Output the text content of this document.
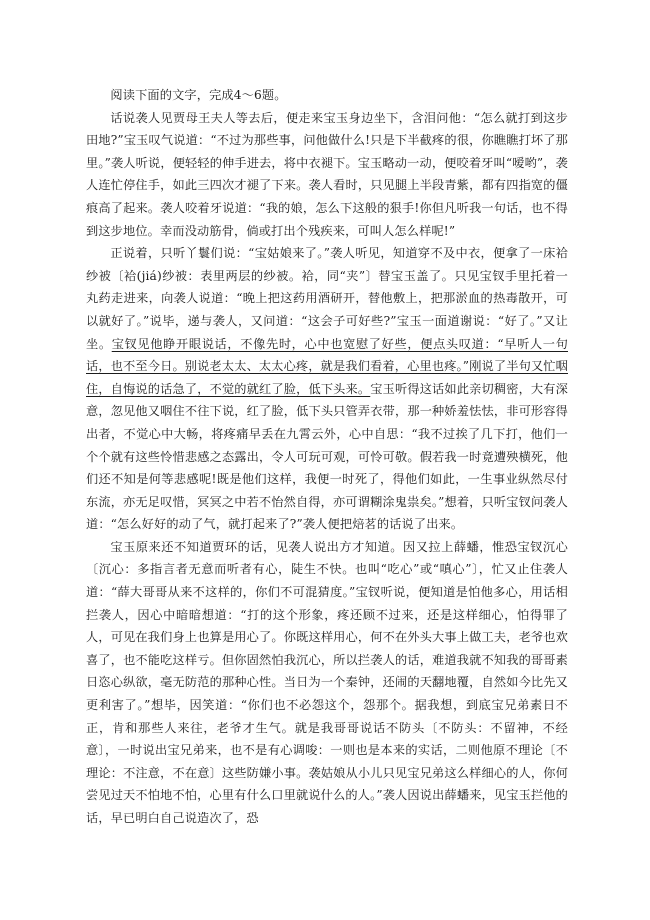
阅读下面的文字，完成4～6题。

话说袭人见贾母王夫人等去后，便走来宝玉身边坐下，含泪问他：“怎么就打到这步田地?”宝玉叹气说道：“不过为那些事，问他做什么!只是下半截疼的很，你瞧瞧打坏了那里。”袭人听说，便轻轻的伸手进去，将中衣褪下。宝玉略动一动，便咬着牙叫“嗳哟”，袭人连忙停住手，如此三四次才褪了下来。袭人看时，只见腿上半段青紫，都有四指宽的僵痕高了起来。袭人咬着牙说道：“我的娘，怎么下这般的狠手!你但凡听我一句话，也不得到这步地位。幸而没动筋骨，倘或打出个残疾来，可叫人怎么样呢!”

正说着，只听丫鬟们说：“宝姑娘来了。”袭人听见，知道穿不及中衣，便拿了一床袷纱被〔袷(jiá)纱被：表里两层的纱被。袷，同“夹”〕替宝玉盖了。只见宝钗手里托着一丸药走进来，向袭人说道：“晚上把这药用酒研开，替他敷上，把那淤血的热毒散开，可以就好了。”说毕，递与袭人，又问道：“这会子可好些?”宝玉一面道谢说：“好了。”又让坐。宝钗见他睁开眼说话，不像先时，心中也宽慰了好些，便点头叹道：“早听人一句话，也不至今日。别说老太太、太太心疼，就是我们看着，心里也疼。”刚说了半句又忙咽住，自悔说的话急了，不觉的就红了脸，低下头来。宝玉听得这话如此亲切稠密，大有深意，忽见他又咽住不往下说，红了脸，低下头只管弄衣带，那一种娇羞怯怯，非可形容得出者，不觉心中大畅，将疼痛早丢在九霄云外，心中自思：“我不过挨了几下打，他们一个个就有这些怜惜悲感之态露出，令人可玩可观，可怜可敬。假若我一时竟遭殃横死，他们还不知是何等悲感呢!既是他们这样，我便一时死了，得他们如此，一生事业纵然尽付东流，亦无足叹惜，冥冥之中若不怡然自得，亦可谓糊涂鬼祟矣。”想着，只听宝钗问袭人道：“怎么好好的动了气，就打起来了?”袭人便把焙茗的话说了出来。

宝玉原来还不知道贾环的话，见袭人说出方才知道。因又拉上薛蟠，惟恐宝钗沉心〔沉心：多指言者无意而听者有心，陡生不快。也叫“吃心”或“嗔心”〕，忙又止住袭人道：“薛大哥哥从来不这样的，你们不可混猜度。”宝钗听说，便知道是怕他多心，用话相拦袭人，因心中暗暗想道：“打的这个形象，疼还顾不过来，还是这样细心，怕得罪了人，可见在我们身上也算是用心了。你既这样用心，何不在外头大事上做工夫，老爷也欢喜了，也不能吃这样亏。但你固然怕我沉心，所以拦袭人的话，难道我就不知我的哥哥素日恣心纵欲，毫无防范的那种心性。当日为一个秦钟，还闹的天翻地覆，自然如今比先又更利害了。”想毕，因笑道：“你们也不必怨这个，怨那个。据我想，到底宝兄弟素日不正，肯和那些人来往，老爷才生气。就是我哥哥说话不防头〔不防头：不留神，不经意〕，一时说出宝兄弟来，也不是有心调唆：一则也是本来的实话，二则他原不理论〔不理论：不注意，不在意〕这些防嫌小事。袭姑娘从小儿只见宝兄弟这么样细心的人，你何尝见过天不怕地不怕，心里有什么口里就说什么的人。”袭人因说出薛蟠来，见宝玉拦他的话，早已明白自己说造次了，恐
